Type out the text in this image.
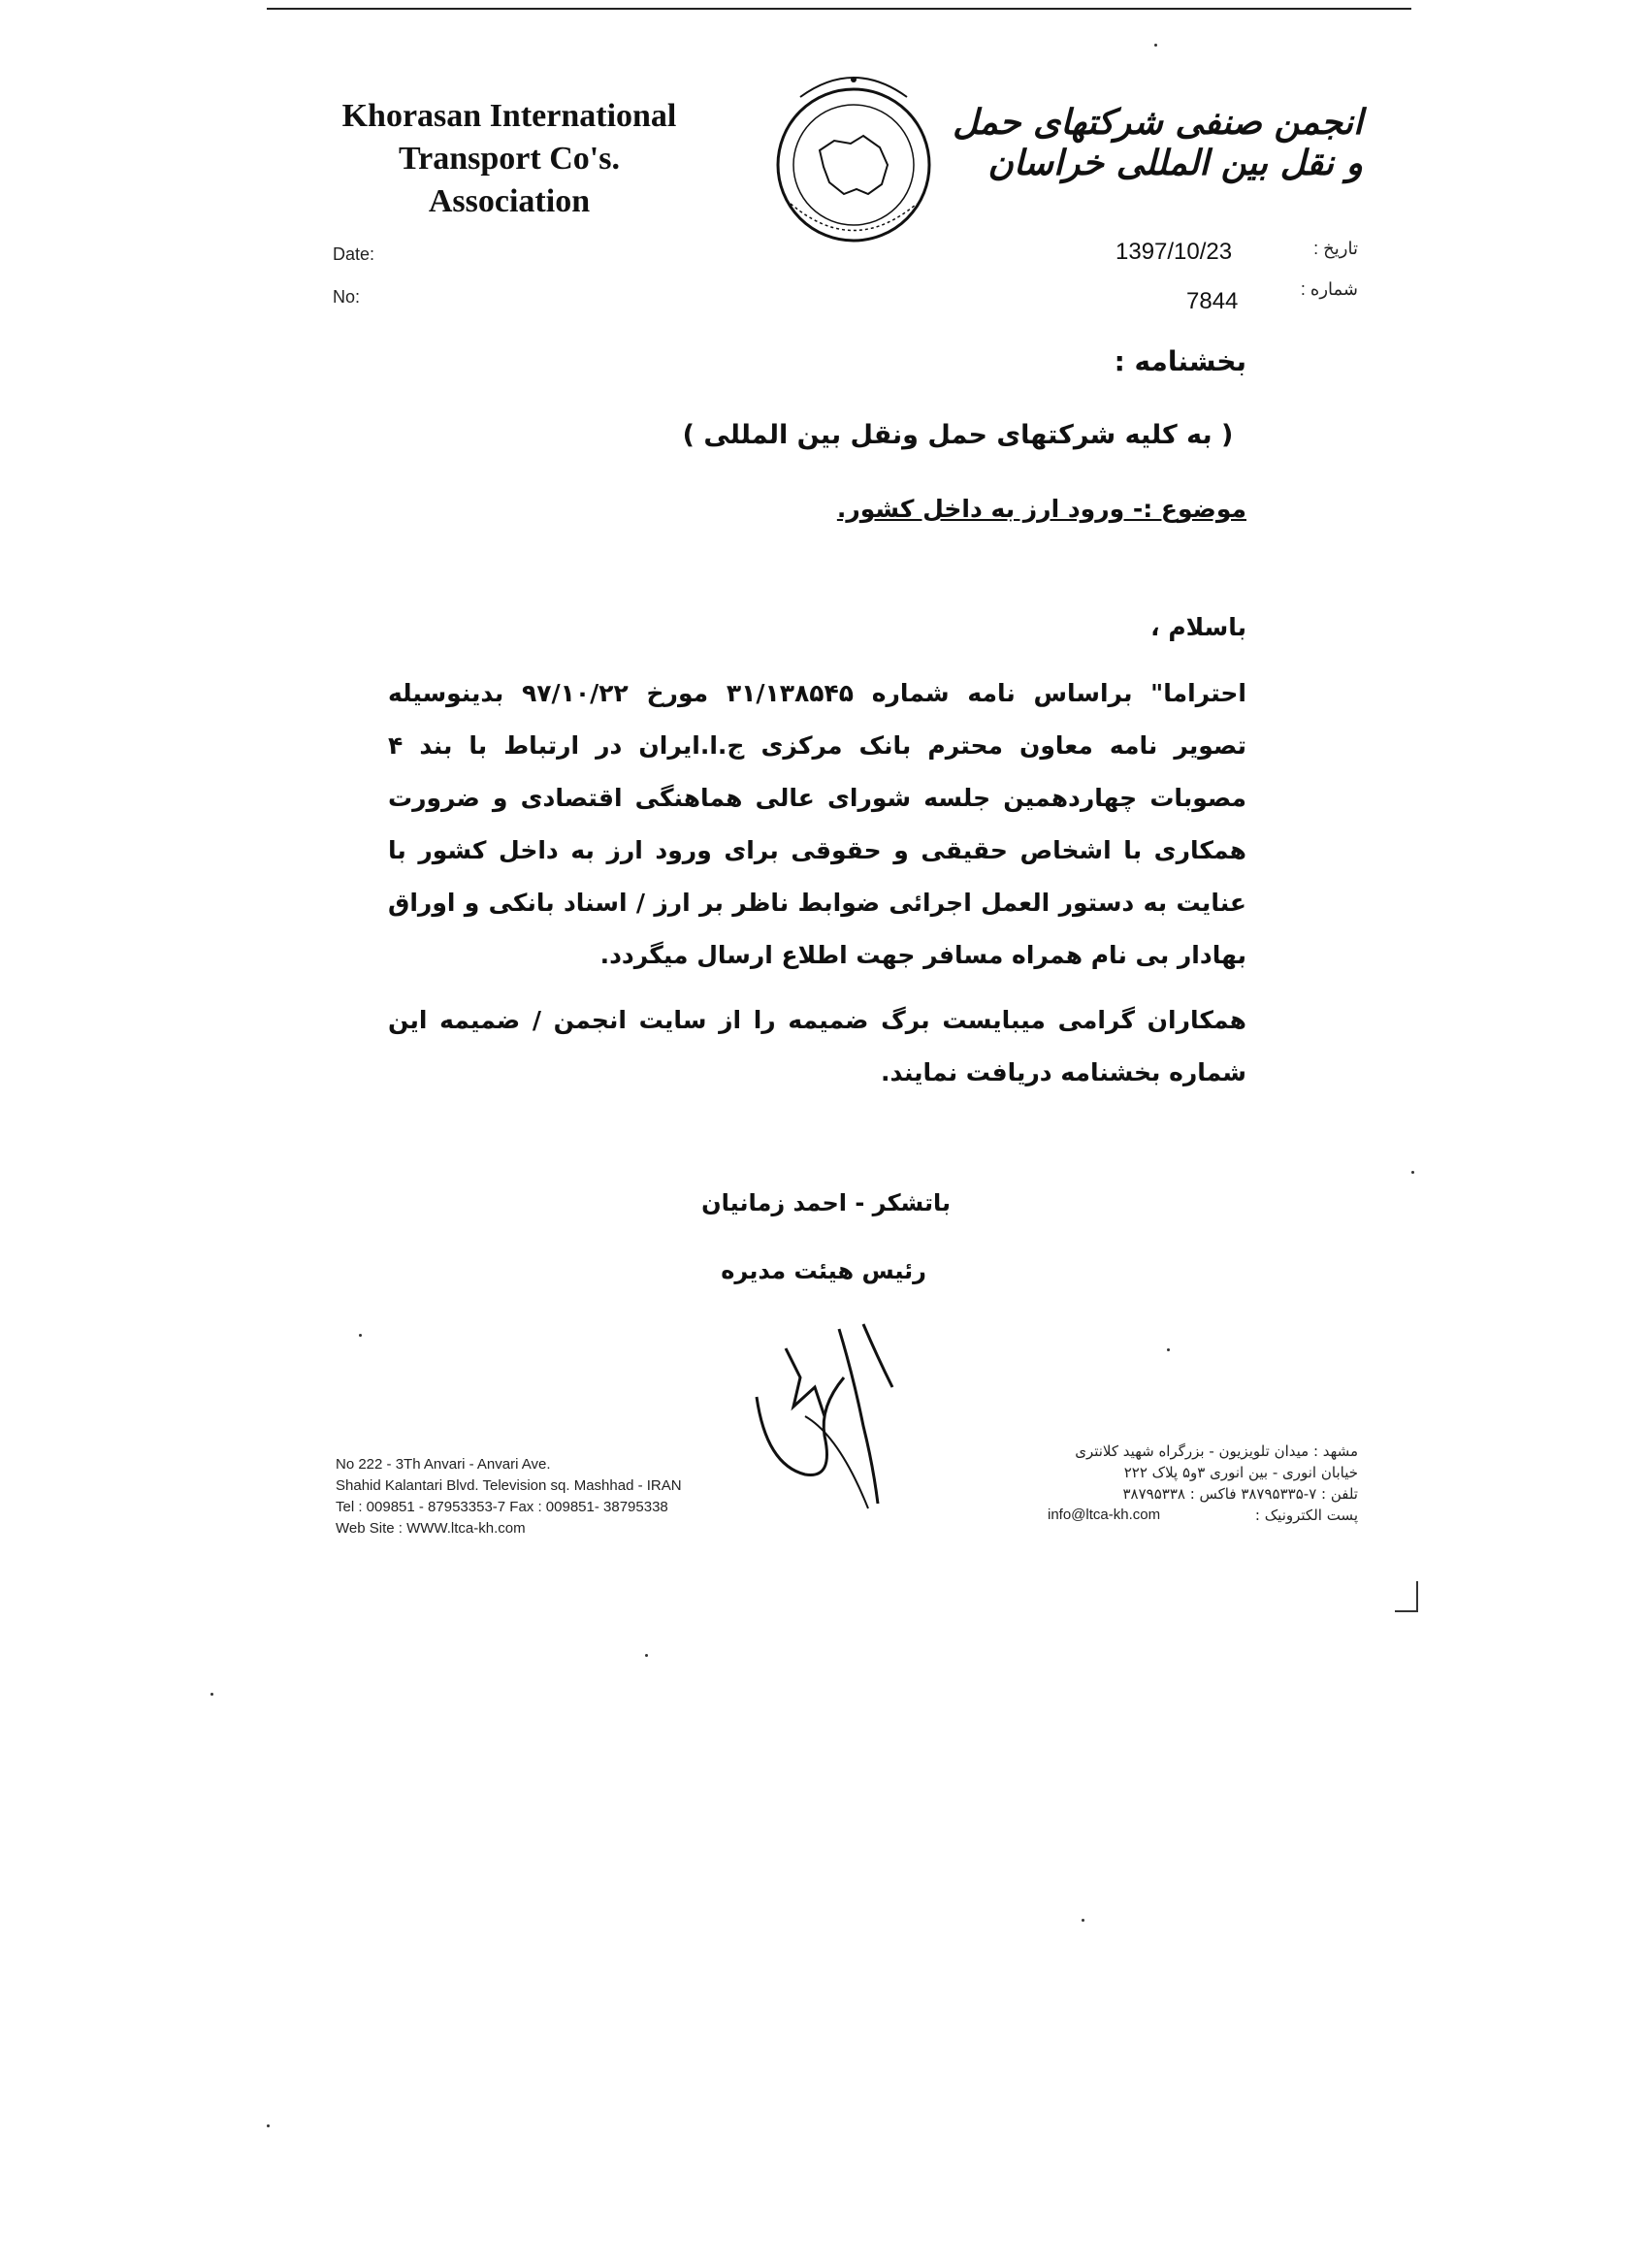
Khorasan International
Transport Co's. Association
انجمن صنفی شرکتهای حمل و نقل بین المللی خراسان
Date:
No:
1397/10/23
7844
تاریخ :
شماره :
بخشنامه :
( به کلیه شرکتهای حمل ونقل بین المللی )
موضوع :- ورود ارز به داخل کشور.
باسلام ،
احتراما" براساس نامه شماره ۳۱/۱۳۸۵۴۵ مورخ ۹۷/۱۰/۲۲ بدینوسیله تصویر نامه معاون محترم بانک مرکزی ج.ا.ایران در ارتباط با بند ۴ مصوبات چهاردهمین جلسه شورای عالی هماهنگی اقتصادی و ضرورت همکاری با اشخاص حقیقی و حقوقی برای ورود ارز به داخل کشور با عنایت به دستور العمل اجرائی ضوابط ناظر بر ارز / اسناد بانکی و اوراق بهادار بی نام همراه مسافر جهت اطلاع ارسال میگردد.
همکاران گرامی میبایست برگ ضمیمه را از سایت انجمن / ضمیمه این شماره بخشنامه دریافت نمایند.
باتشکر - احمد زمانیان
رئیس هیئت مدیره
No 222 - 3Th Anvari - Anvari Ave.
Shahid Kalantari Blvd. Television sq. Mashhad - IRAN
Tel : 009851 - 87953353-7 Fax : 009851- 38795338
Web Site : WWW.ltca-kh.com
مشهد : میدان تلویزیون - بزرگراه شهید کلانتری
خیابان انوری - بین انوری ۳و۵ پلاک ۲۲۲
تلفن : ۷-۳۸۷۹۵۳۳۵ فاکس : ۳۸۷۹۵۳۳۸
پست الکترونیک :
info@ltca-kh.com
